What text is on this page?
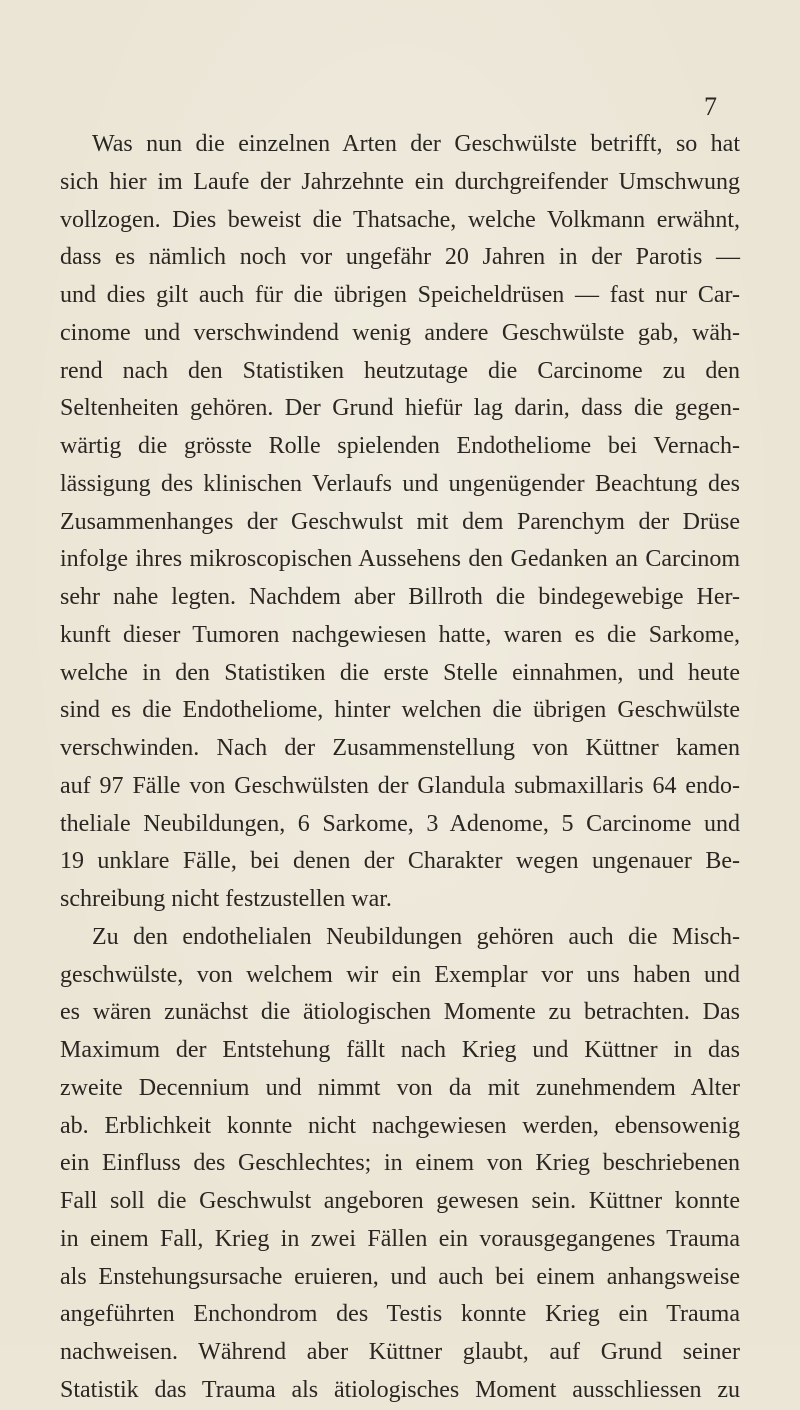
7
Was nun die einzelnen Arten der Geschwülste betrifft, so hat
sich hier im Laufe der Jahrzehnte ein durchgreifender Umschwung
vollzogen. Dies beweist die Thatsache, welche Volkmann erwähnt,
dass es nämlich noch vor ungefähr 20 Jahren in der Parotis —
und dies gilt auch für die übrigen Speicheldrüsen — fast nur Car-
cinome und verschwindend wenig andere Geschwülste gab, wäh-
rend nach den Statistiken heutzutage die Carcinome zu den
Seltenheiten gehören. Der Grund hiefür lag darin, dass die gegen-
wärtig die grösste Rolle spielenden Endotheliome bei Vernach-
lässigung des klinischen Verlaufs und ungenügender Beachtung des
Zusammenhanges der Geschwulst mit dem Parenchym der Drüse
infolge ihres mikroscopischen Aussehens den Gedanken an Carcinom
sehr nahe legten. Nachdem aber Billroth die bindegewebige Her-
kunft dieser Tumoren nachgewiesen hatte, waren es die Sarkome,
welche in den Statistiken die erste Stelle einnahmen, und heute
sind es die Endotheliome, hinter welchen die übrigen Geschwülste
verschwinden. Nach der Zusammenstellung von Küttner kamen
auf 97 Fälle von Geschwülsten der Glandula submaxillaris 64 endo-
theliale Neubildungen, 6 Sarkome, 3 Adenome, 5 Carcinome und
19 unklare Fälle, bei denen der Charakter wegen ungenauer Be-
schreibung nicht festzustellen war.
Zu den endothelialen Neubildungen gehören auch die Misch-
geschwülste, von welchem wir ein Exemplar vor uns haben und
es wären zunächst die ätiologischen Momente zu betrachten. Das
Maximum der Entstehung fällt nach Krieg und Küttner in das
zweite Decennium und nimmt von da mit zunehmendem Alter
ab. Erblichkeit konnte nicht nachgewiesen werden, ebensowenig
ein Einfluss des Geschlechtes; in einem von Krieg beschriebenen
Fall soll die Geschwulst angeboren gewesen sein. Küttner konnte
in einem Fall, Krieg in zwei Fällen ein vorausgegangenes Trauma
als Enstehungsursache eruieren, und auch bei einem anhangsweise
angeführten Enchondrom des Testis konnte Krieg ein Trauma
nachweisen. Während aber Küttner glaubt, auf Grund seiner
Statistik das Trauma als ätiologisches Moment ausschliessen zu
